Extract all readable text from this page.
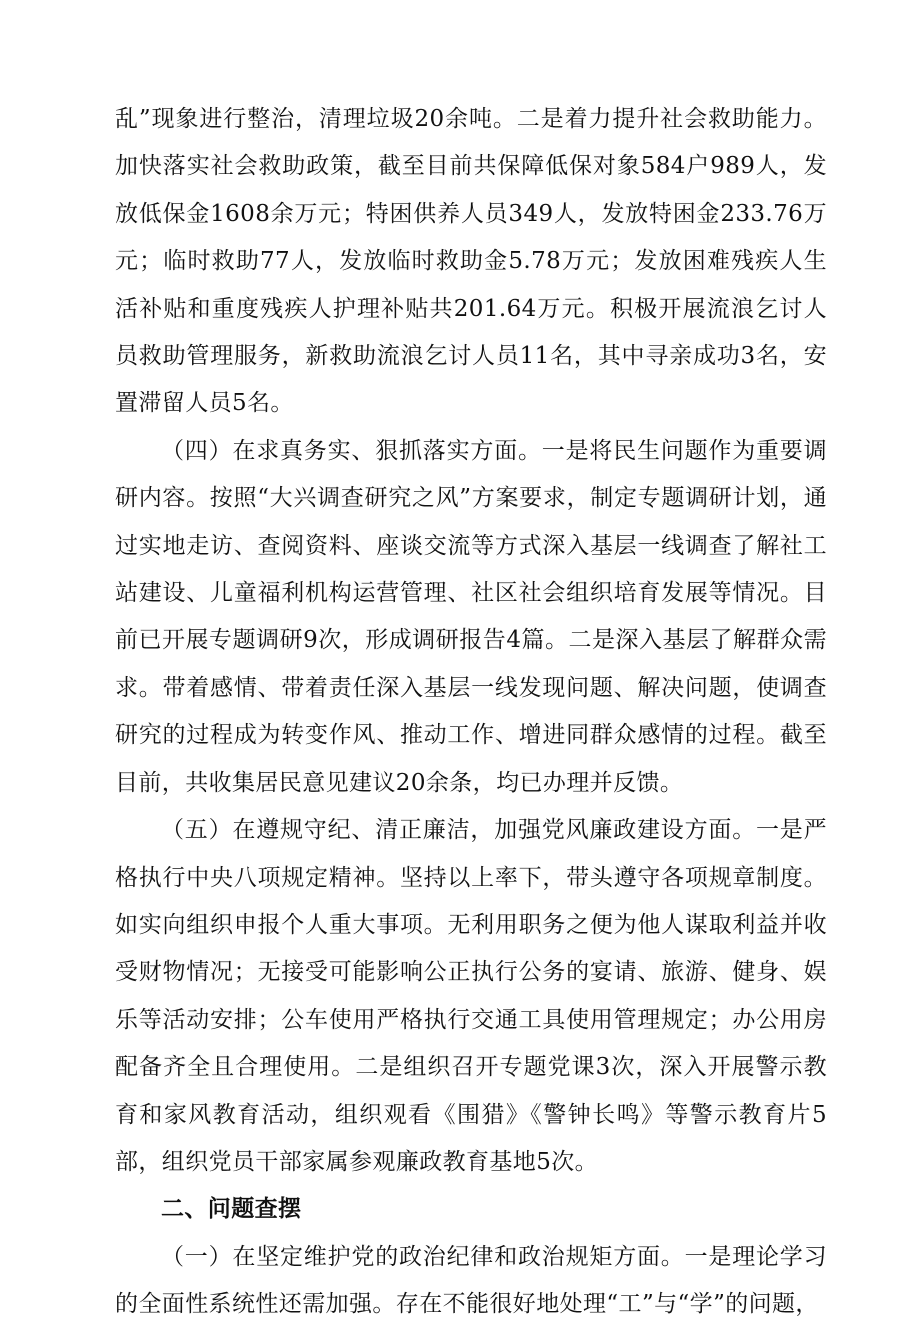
乱”现象进行整治，清理垃圾20余吨。二是着力提升社会救助能力。加快落实社会救助政策，截至目前共保障低保对象584户989人，发放低保金1608余万元；特困供养人员349人，发放特困金233.76万元；临时救助77人，发放临时救助金5.78万元；发放困难残疾人生活补贴和重度残疾人护理补贴共201.64万元。积极开展流浪乞讨人员救助管理服务，新救助流浪乞讨人员11名，其中寻亲成功3名，安置滞留人员5名。

（四）在求真务实、狠抓落实方面。一是将民生问题作为重要调研内容。按照“大兴调查研究之风”方案要求，制定专题调研计划，通过实地走访、查阅资料、座谈交流等方式深入基层一线调查了解社工站建设、儿童福利机构运营管理、社区社会组织培育发展等情况。目前已开展专题调研9次，形成调研报告4篇。二是深入基层了解群众需求。带着感情、带着责任深入基层一线发现问题、解决问题，使调查研究的过程成为转变作风、推动工作、增进同群众感情的过程。截至目前，共收集居民意见建议20余条，均已办理并反馈。

（五）在遵规守纪、清正廉洁，加强党风廉政建设方面。一是严格执行中央八项规定精神。坚持以上率下，带头遵守各项规章制度。如实向组织申报个人重大事项。无利用职务之便为他人谋取利益并收受财物情况；无接受可能影响公正执行公务的宴请、旅游、健身、娱乐等活动安排；公车使用严格执行交通工具使用管理规定；办公用房配备齐全且合理使用。二是组织召开专题党课3次，深入开展警示教育和家风教育活动，组织观看《围猎》《警钟长鸣》等警示教育片5部，组织党员干部家属参观廉政教育基地5次。

二、问题查摆

（一）在坚定维护党的政治纪律和政治规矩方面。一是理论学习的全面性系统性还需加强。存在不能很好地处理“工”与“学”的问题，
